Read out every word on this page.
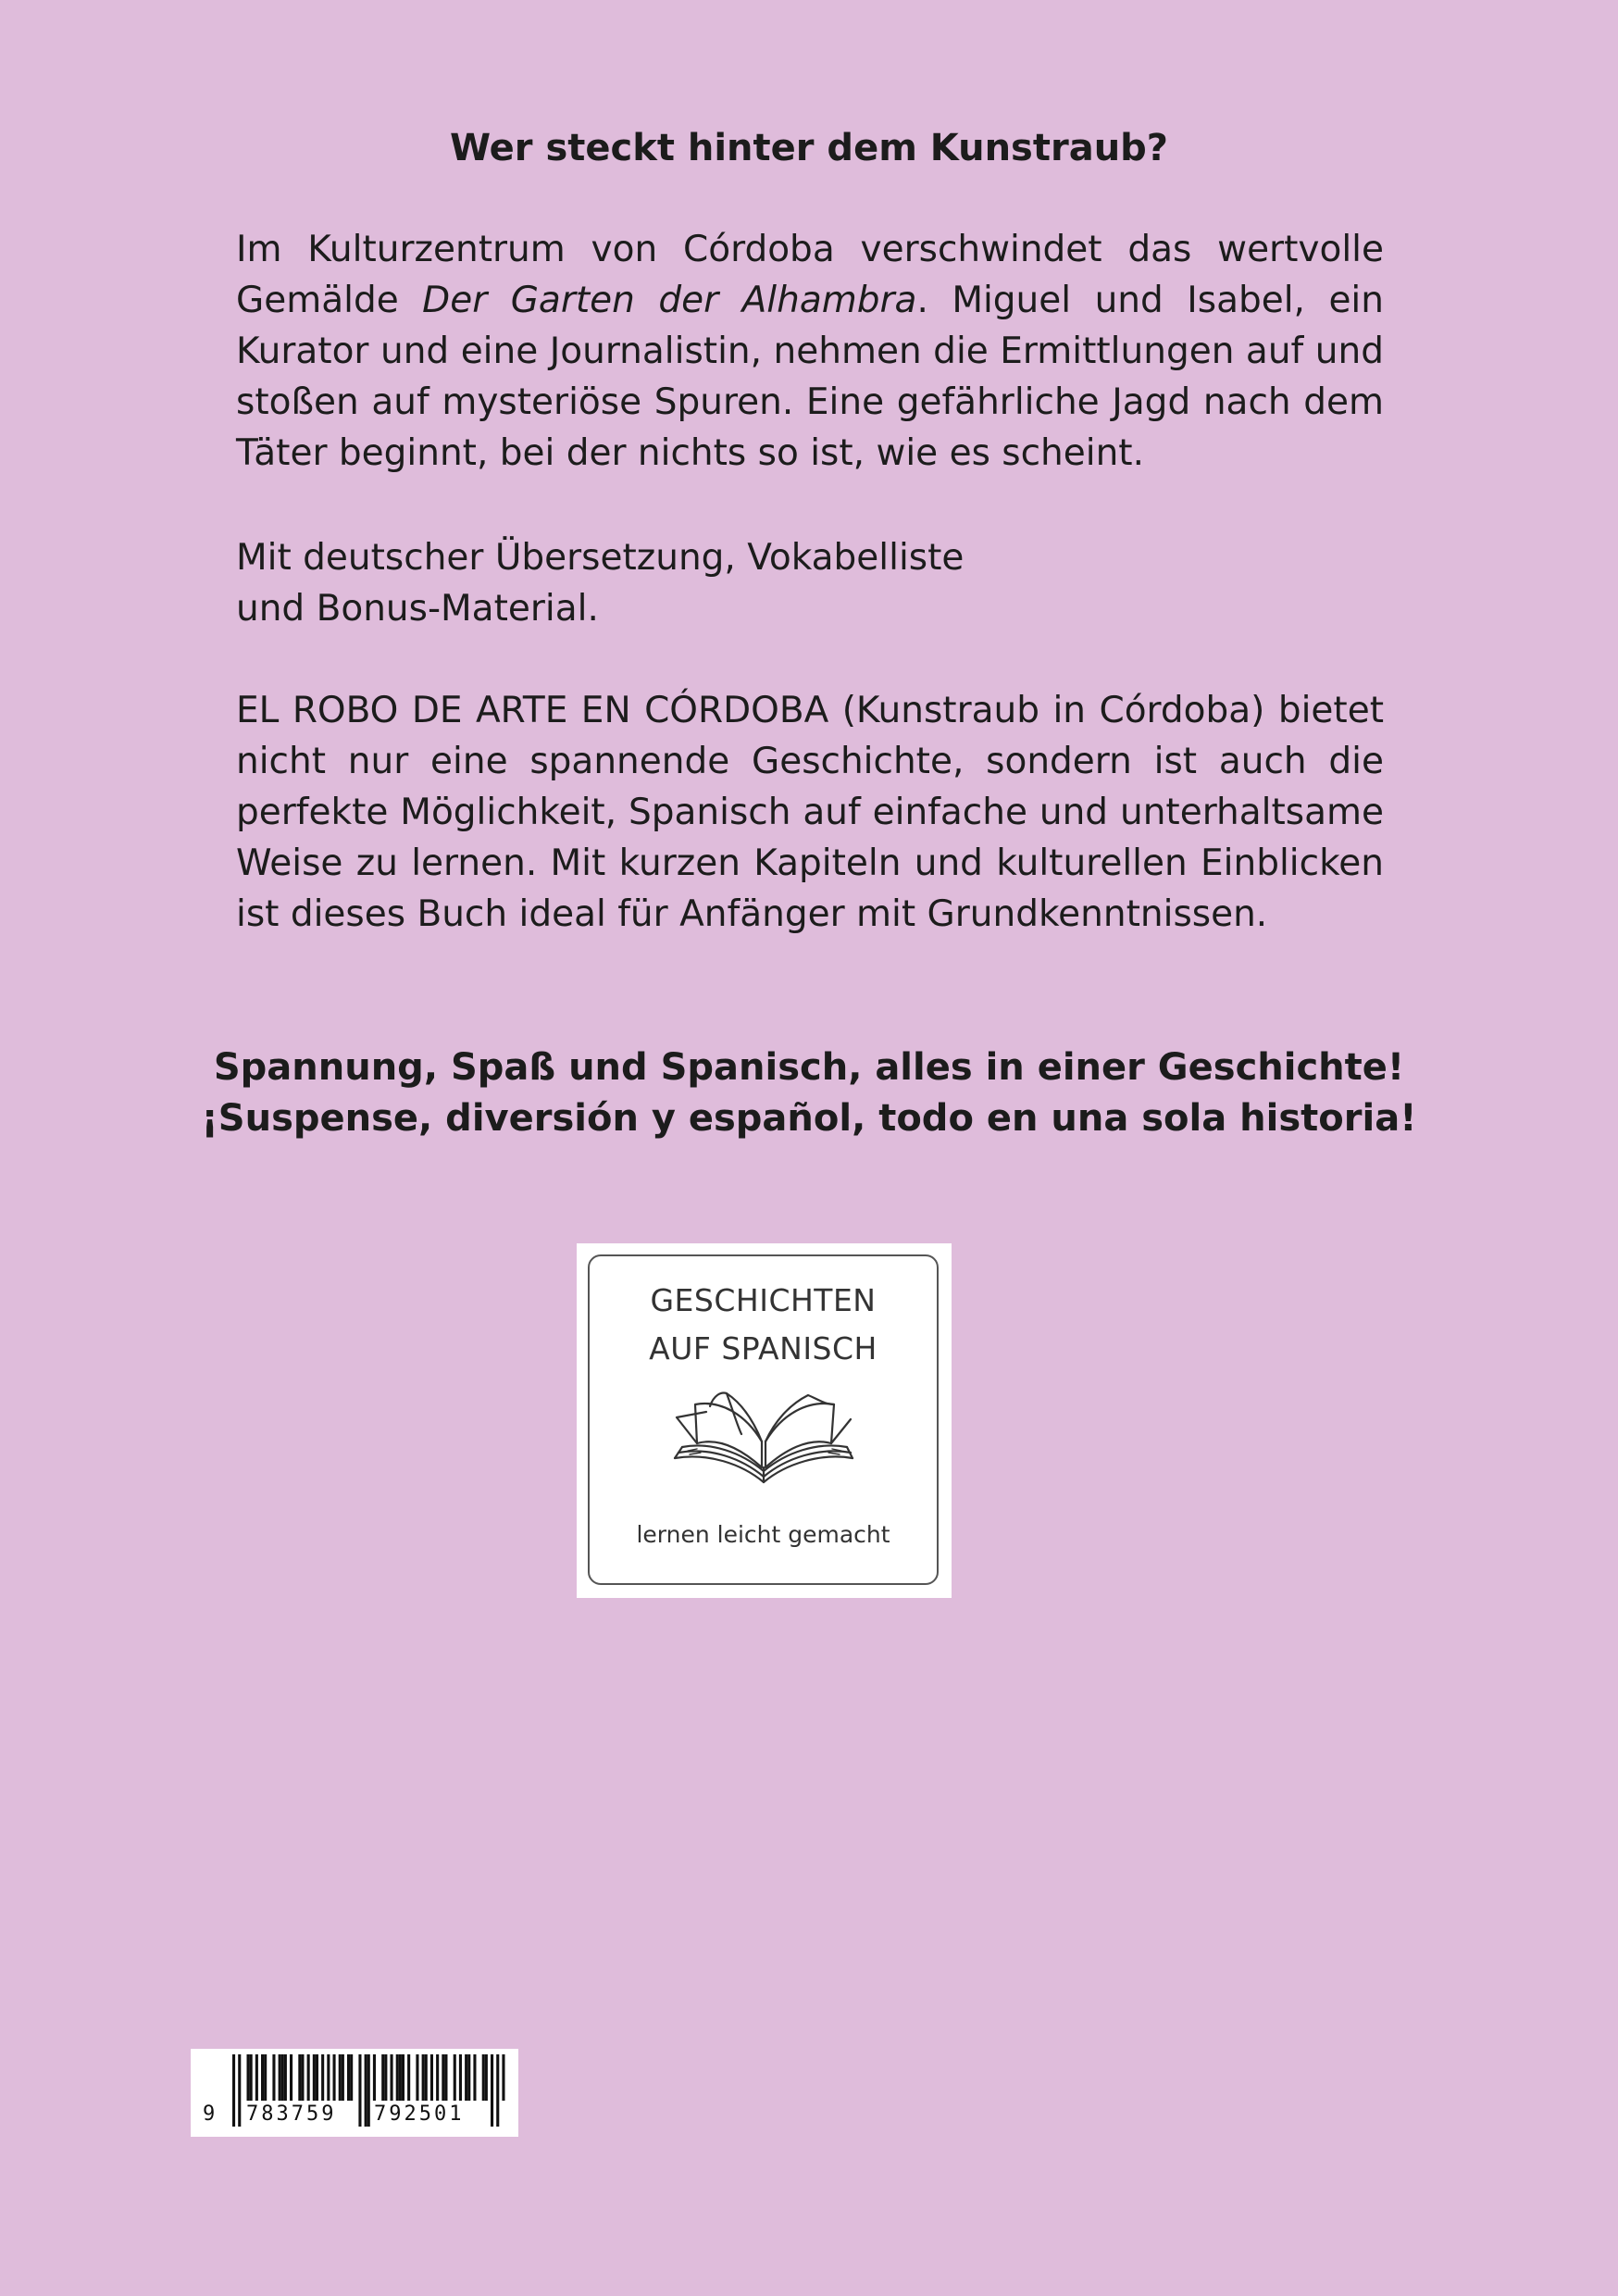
Wer steckt hinter dem Kunstraub?

Im Kulturzentrum von Córdoba verschwindet das wertvolle Gemälde Der Garten der Alhambra. Miguel und Isabel, ein Kurator und eine Journalistin, nehmen die Ermittlungen auf und stoßen auf mysteriöse Spuren. Eine gefährliche Jagd nach dem Täter beginnt, bei der nichts so ist, wie es scheint.

Mit deutscher Übersetzung, Vokabelliste
und Bonus-Material.

EL ROBO DE ARTE EN CÓRDOBA (Kunstraub in Córdoba) bietet nicht nur eine spannende Geschichte, sondern ist auch die perfekte Möglichkeit, Spanisch auf einfache und unterhaltsame Weise zu lernen. Mit kurzen Kapiteln und kulturellen Einblicken ist dieses Buch ideal für Anfänger mit Grundkenntnissen.

Spannung, Spaß und Spanisch, alles in einer Geschichte!
¡Suspense, diversión y español, todo en una sola historia!
GESCHICHTEN
AUF SPANISCH
lernen leicht gemacht
9 783759 792501
